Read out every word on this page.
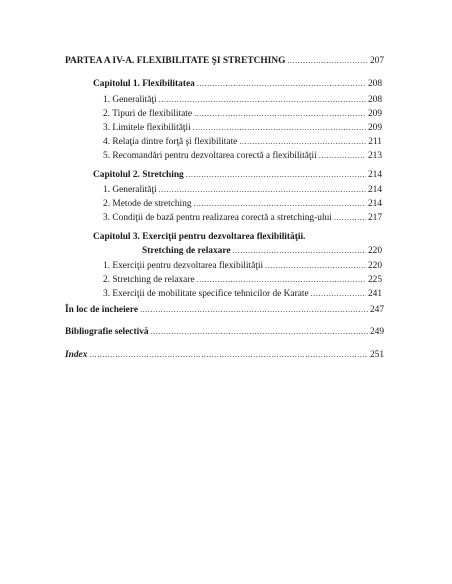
PARTEA A IV-A. FLEXIBILITATE ŞI STRETCHING .....	207
Capitolul 1. Flexibilitatea .....	208
1. Generalităţi .....	208
2. Tipuri de flexibilitate .....	209
3. Limitele flexibilităţii .....	209
4. Relaţia dintre forţă şi flexibilitate .....	211
5. Recomandări pentru dezvoltarea corectă a flexibilităţii .....	213
Capitolul 2. Stretching .....	214
1. Generalităţi .....	214
2. Metode de stretching .....	214
3. Condiţii de bază pentru realizarea corectă a stretching-ului .....	217
Capitolul 3. Exerciţii pentru dezvoltarea flexibilităţii.
Stretching de relaxare .....	220
1. Exerciţii pentru dezvoltarea flexibilităţii .....	220
2. Stretching de relaxare .....	225
3. Exerciţii de mobilitate specifice tehnicilor de Karate .....	241
În loc de încheiere .....	247
Bibliografie selectivă .....	249
Index .....	251
